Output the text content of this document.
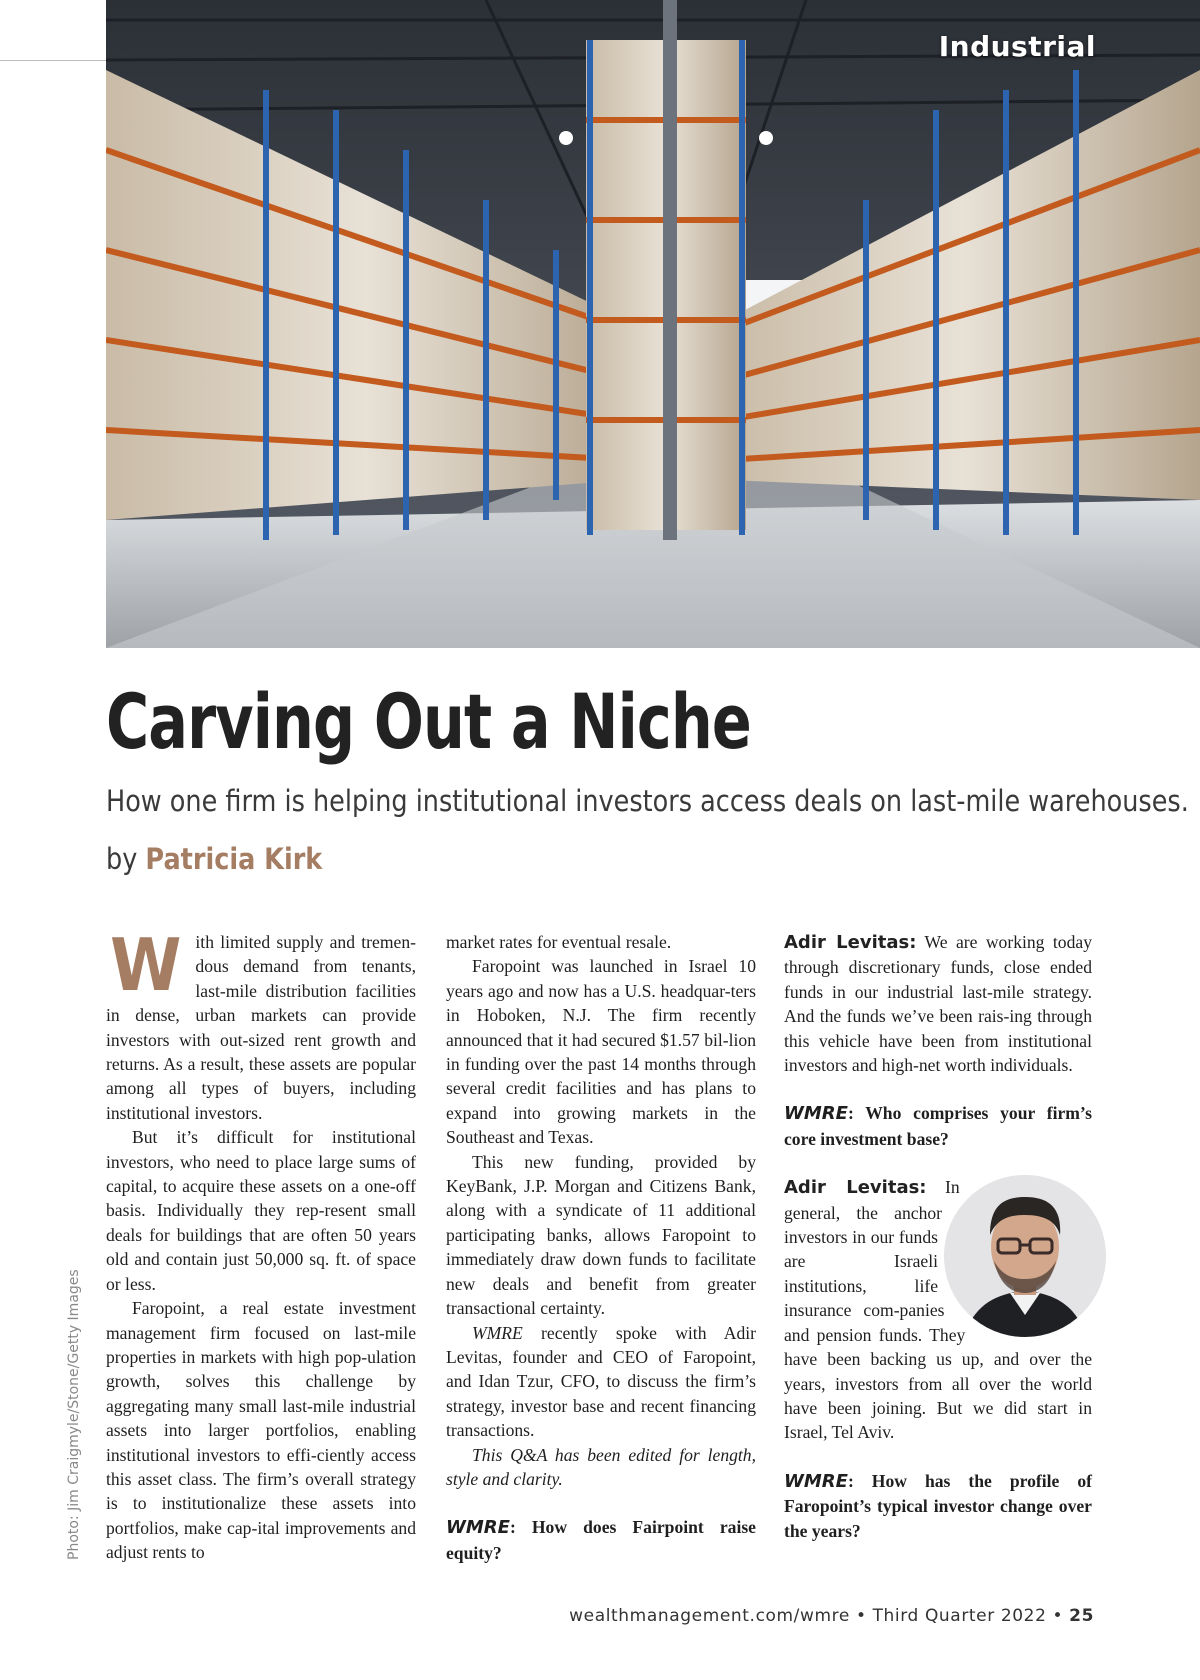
Industrial
Carving Out a Niche

How one firm is helping institutional investors access deals on last-mile warehouses.

by Patricia Kirk
Photo: Jim Craigmyle/Stone/Getty Images

With limited supply and tremen-dous demand from tenants, last-mile distribution facilities in dense, urban markets can provide investors with out-sized rent growth and returns. As a result, these assets are popular among all types of buyers, including institutional investors.

But it’s difficult for institutional investors, who need to place large sums of capital, to acquire these assets on a one-off basis. Individually they rep-resent small deals for buildings that are often 50 years old and contain just 50,000 sq. ft. of space or less.

Faropoint, a real estate investment management firm focused on last-mile properties in markets with high pop-ulation growth, solves this challenge by aggregating many small last-mile industrial assets into larger portfolios, enabling institutional investors to effi-ciently access this asset class. The firm’s overall strategy is to institutionalize these assets into portfolios, make cap-ital improvements and adjust rents to

market rates for eventual resale.

Faropoint was launched in Israel 10 years ago and now has a U.S. headquar-ters in Hoboken, N.J. The firm recently announced that it had secured $1.57 bil-lion in funding over the past 14 months through several credit facilities and has plans to expand into growing markets in the Southeast and Texas.

This new funding, provided by KeyBank, J.P. Morgan and Citizens Bank, along with a syndicate of 11 additional participating banks, allows Faropoint to immediately draw down funds to facilitate new deals and benefit from greater transactional certainty.

WMRE recently spoke with Adir Levitas, founder and CEO of Faropoint, and Idan Tzur, CFO, to discuss the firm’s strategy, investor base and recent financing transactions.

This Q&A has been edited for length, style and clarity.

WMRE: How does Fairpoint raise equity?

Adir Levitas: We are working today through discretionary funds, close ended funds in our industrial last-mile strategy. And the funds we’ve been rais-ing through this vehicle have been from institutional investors and high-net worth individuals.

WMRE: Who comprises your firm’s core investment base?

Adir Levitas: In general, the anchor investors in our funds are Israeli institutions, life insurance com-panies and pension funds. They have been backing us up, and over the years, investors from all over the world have been joining. But we did start in Israel, Tel Aviv.

WMRE: How has the profile of Faropoint’s typical investor change over the years?

wealthmanagement.com/wmre • Third Quarter 2022 • 25
